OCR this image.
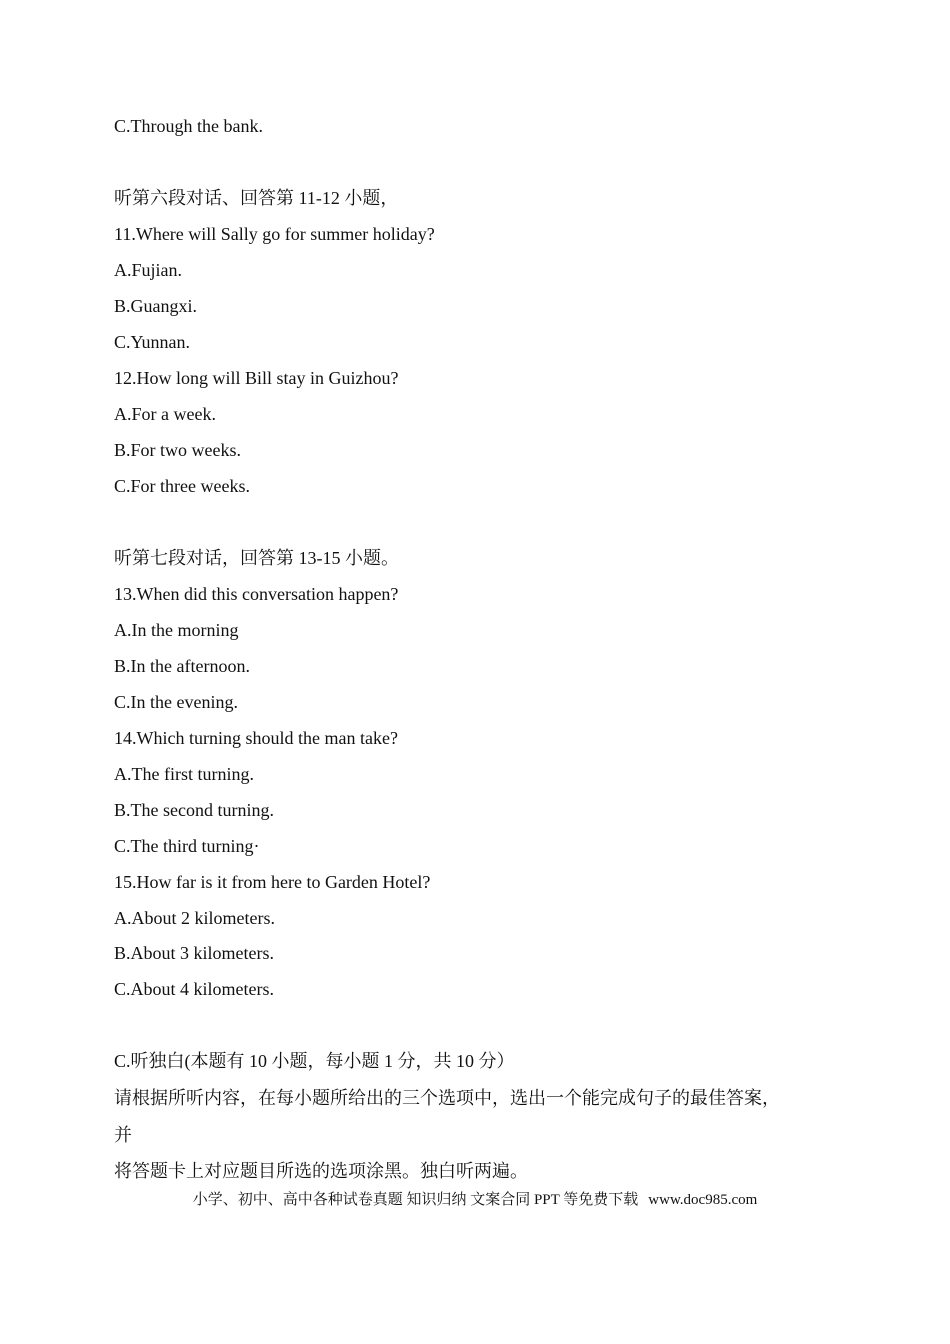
C.Through the bank.
听第六段对话、回答第 11-12 小题，
11.Where will Sally go for summer holiday?
A.Fujian.
B.Guangxi.
C.Yunnan.
12.How long will Bill stay in Guizhou?
A.For a week.
B.For two weeks.
C.For three weeks.
听第七段对话，回答第 13-15 小题。
13.When did this conversation happen?
A.In the morning
B.In the afternoon.
C.In the evening.
14.Which turning should the man take?
A.The first turning.
B.The second turning.
C.The third turning·
15.How far is it from here to Garden Hotel?
A.About 2 kilometers.
B.About 3 kilometers.
C.About 4 kilometers.
C.听独白(本题有 10 小题，每小题 1 分，共 10 分）
请根据所听内容，在每小题所给出的三个选项中，选出一个能完成句子的最佳答案，
并
将答题卡上对应题目所选的选项涂黑。独白听两遍。
小学、初中、高中各种试卷真题 知识归纳 文案合同 PPT 等免费下载 www.doc985.com
